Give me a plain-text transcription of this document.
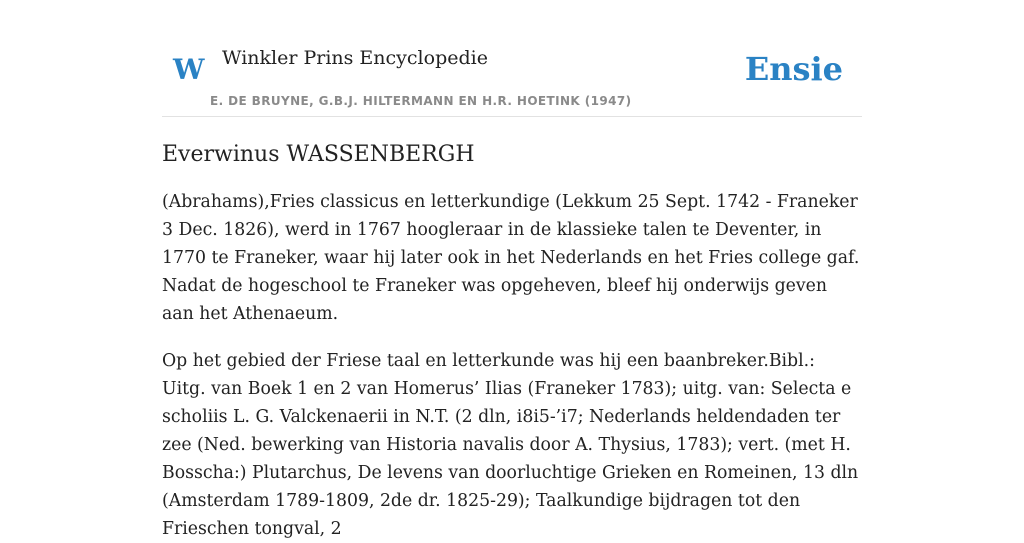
W Winkler Prins Encyclopedie
E. DE BRUYNE, G.B.J. HILTERMANN EN H.R. HOETINK (1947)
Ensie
Everwinus WASSENBERGH

(Abrahams),Fries classicus en letterkundige (Lekkum 25 Sept. 1742 - Franeker 3 Dec. 1826), werd in 1767 hoogleraar in de klassieke talen te Deventer, in 1770 te Franeker, waar hij later ook in het Nederlands en het Fries college gaf. Nadat de hogeschool te Franeker was opgeheven, bleef hij onderwijs geven aan het Athenaeum.

Op het gebied der Friese taal en letterkunde was hij een baanbreker.Bibl.: Uitg. van Boek 1 en 2 van Homerus’ Ilias (Franeker 1783); uitg. van: Selecta e scholiis L. G. Valckenaerii in N.T. (2 dln, i8i5-’i7; Nederlands heldendaden ter zee (Ned. bewerking van Historia navalis door A. Thysius, 1783); vert. (met H. Bosscha:) Plutarchus, De levens van doorluchtige Grieken en Romeinen, 13 dln (Amsterdam 1789-1809, 2de dr. 1825-29); Taalkundige bijdragen tot den Frieschen tongval, 2
